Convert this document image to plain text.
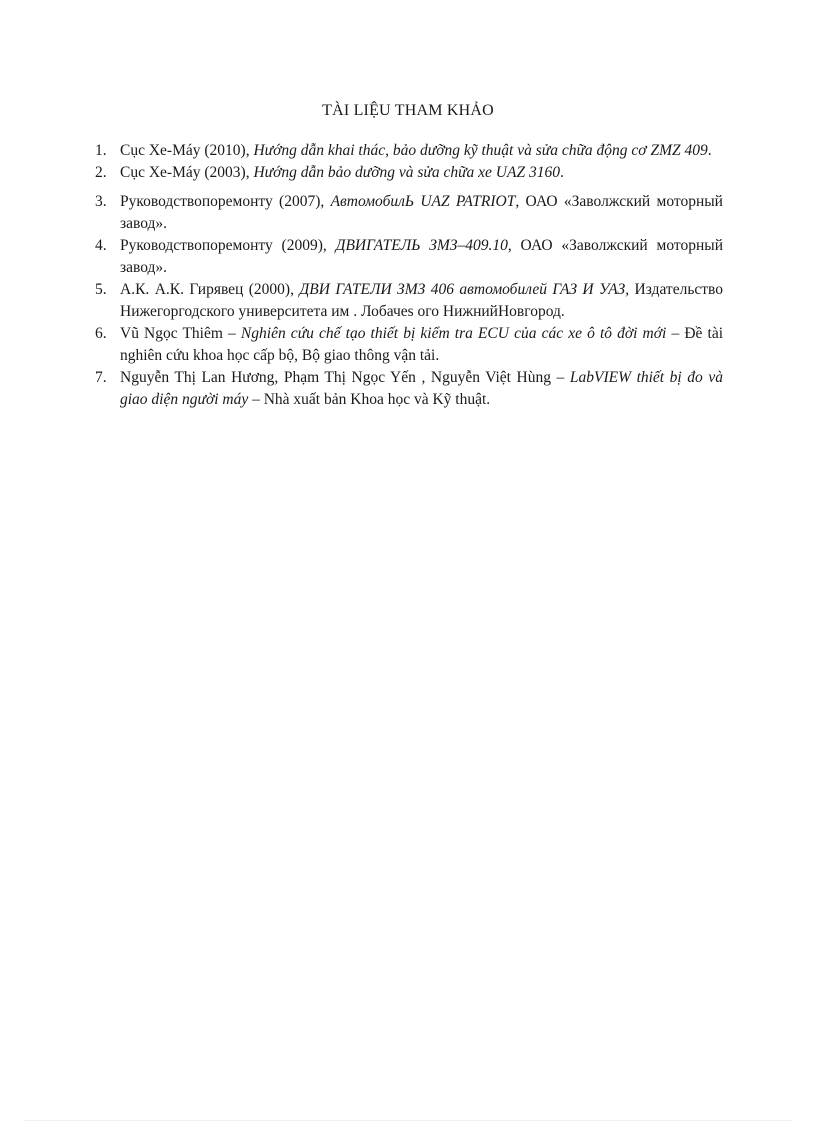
TÀI LIỆU THAM KHẢO
1. Cục Xe-Máy (2010), Hướng dẫn khai thác, bảo dưỡng kỹ thuật và sửa chữa động cơ ZMZ 409.
2. Cục Xe-Máy (2003), Hướng dẫn bảo dưỡng và sửa chữa xe UAZ 3160.
3. Руководствопоремонту (2007), АвтомобилЬ UAZ PATRIOT, ОАО «Заволжский моторный завод».
4. Руководствопоремонту (2009), ДВИГАТЕЛЬ ЗМЗ–409.10, ОАО «Заволжский моторный завод».
5. А.К. А.К. Гирявец (2000), ДВИ ГАТЕЛИ ЗМЗ 406 автомобилей ГАЗ И УАЗ, Издательство Нижегоргодского университета им . Лобачеѕ ого НижнийНовгород.
6. Vũ Ngọc Thiêm – Nghiên cứu chế tạo thiết bị kiểm tra ECU của các xe ô tô đời mới – Đề tài nghiên cứu khoa học cấp bộ, Bộ giao thông vận tải.
7. Nguyễn Thị Lan Hương, Phạm Thị Ngọc Yến , Nguyễn Việt Hùng – LabVIEW thiết bị đo và giao diện người máy – Nhà xuất bản Khoa học và Kỹ thuật.
